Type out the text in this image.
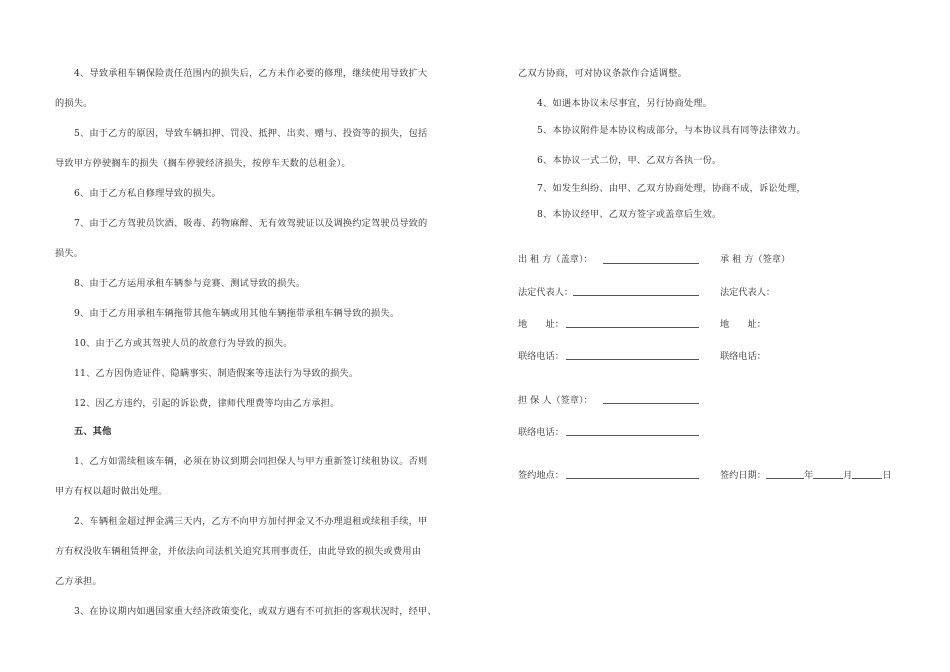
4、导致承租车辆保险责任范围内的损失后，乙方未作必要的修理，继续使用导致扩大
的损失。
5、由于乙方的原因，导致车辆扣押、罚没、抵押、出卖、赠与、投资等的损失，包括
导致甲方停驶搁车的损失（搁车停驶经济损失，按停车天数的总租金）。
6、由于乙方私自修理导致的损失。
7、由于乙方驾驶员饮酒、吸毒、药物麻醉、无有效驾驶证以及调换约定驾驶员导致的
损失。
8、由于乙方运用承租车辆参与竞赛、测试导致的损失。
9、由于乙方用承租车辆拖带其他车辆或用其他车辆拖带承租车辆导致的损失。
10、由于乙方或其驾驶人员的故意行为导致的损失。
11、乙方因伪造证件、隐瞒事实、制造假案等违法行为导致的损失。
12、因乙方违约，引起的诉讼费，律师代理费等均由乙方承担。
五、其他
1、乙方如需续租该车辆，必须在协议到期会同担保人与甲方重新签订续租协议。否则
甲方有权以超时做出处理。
2、车辆租金超过押金满三天内，乙方不向甲方加付押金又不办理退租或续租手续，甲
方有权没收车辆租赁押金，并依法向司法机关追究其刑事责任，由此导致的损失或费用由
乙方承担。
3、在协议期内如遇国家重大经济政策变化，或双方遇有不可抗拒的客观状况时，经甲、
乙双方协商，可对协议条款作合适调整。
4、如遇本协议未尽事宜，另行协商处理。
5、本协议附件是本协议构成部分，与本协议具有同等法律效力。
6、本协议一式二份，甲、乙双方各执一份。
7、如发生纠纷、由甲、乙双方协商处理，协商不成，诉讼处理，
8、本协议经甲、乙双方签字或盖章后生效。
出 租 方（盖章）：	承 租 方（签章）
法定代表人：	法定代表人：
地　　址：	地　　址：
联络电话：	联络电话：
担 保 人（签章）：
联络电话：
签约地点：	签约日期：	年	月	日
